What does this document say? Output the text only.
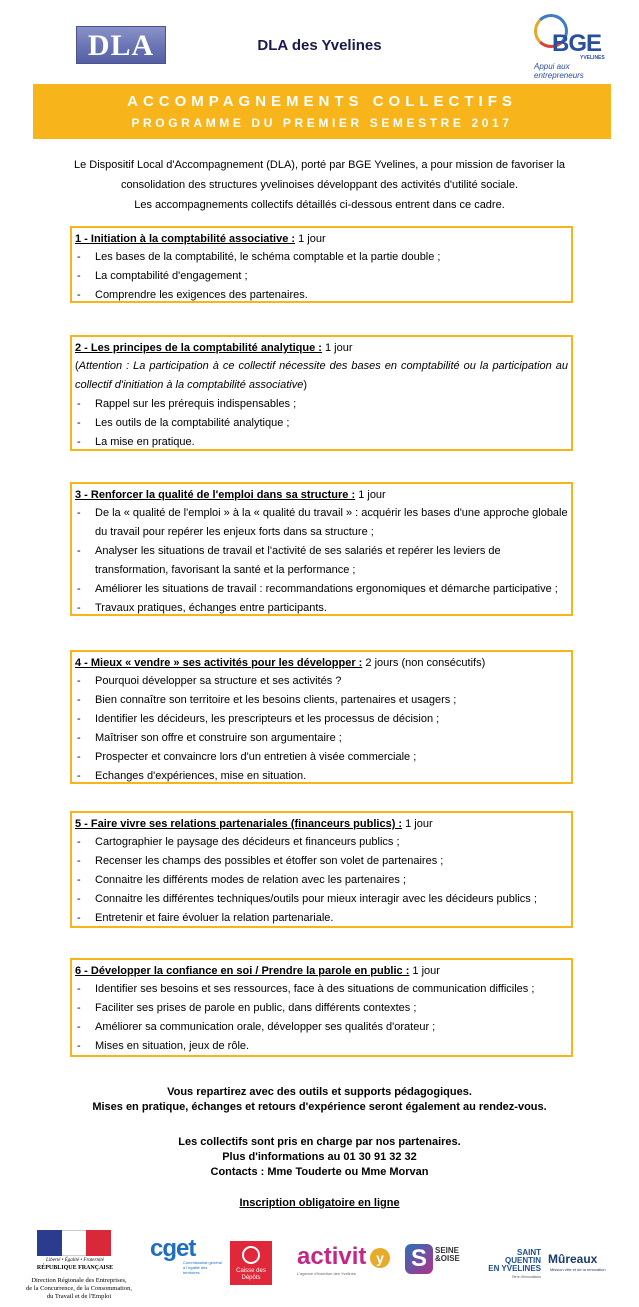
DLA	DLA des Yvelines	BGE
YVELINES
Appui aux entrepreneurs
ACCOMPAGNEMENTS COLLECTIFS
PROGRAMME DU PREMIER SEMESTRE 2017
Le Dispositif Local d'Accompagnement (DLA), porté par BGE Yvelines, a pour mission de favoriser la
consolidation des structures yvelinoises développant des activités d'utilité sociale.
Les accompagnements collectifs détaillés ci-dessous entrent dans ce cadre.
1 - Initiation à la comptabilité associative : 1 jour
- Les bases de la comptabilité, le schéma comptable et la partie double ;
- La comptabilité d'engagement ;
- Comprendre les exigences des partenaires.
2 - Les principes de la comptabilité analytique : 1 jour
(Attention : La participation à ce collectif nécessite des bases en comptabilité ou la participation au collectif d'initiation à la comptabilité associative)
- Rappel sur les prérequis indispensables ;
- Les outils de la comptabilité analytique ;
- La mise en pratique.
3 - Renforcer la qualité de l'emploi dans sa structure : 1 jour
- De la « qualité de l'emploi » à la « qualité du travail » : acquérir les bases d'une approche globale
du travail pour repérer les enjeux forts dans sa structure ;
- Analyser les situations de travail et l'activité de ses salariés et repérer les leviers de
transformation, favorisant la santé et la performance ;
- Améliorer les situations de travail : recommandations ergonomiques et démarche participative ;
- Travaux pratiques, échanges entre participants.
4 - Mieux « vendre » ses activités pour les développer : 2 jours (non consécutifs)
- Pourquoi développer sa structure et ses activités ?
- Bien connaître son territoire et les besoins clients, partenaires et usagers ;
- Identifier les décideurs, les prescripteurs et les processus de décision ;
- Maîtriser son offre et construire son argumentaire ;
- Prospecter et convaincre lors d'un entretien à visée commerciale ;
- Echanges d'expériences, mise en situation.
5 - Faire vivre ses relations partenariales (financeurs publics) : 1 jour
- Cartographier le paysage des décideurs et financeurs publics ;
- Recenser les champs des possibles et étoffer son volet de partenaires ;
- Connaitre les différents modes de relation avec les partenaires ;
- Connaitre les différentes techniques/outils pour mieux interagir avec les décideurs publics ;
- Entretenir et faire évoluer la relation partenariale.
6 - Développer la confiance en soi / Prendre la parole en public : 1 jour
- Identifier ses besoins et ses ressources, face à des situations de communication difficiles ;
- Faciliter ses prises de parole en public, dans différents contextes ;
- Améliorer sa communication orale, développer ses qualités d'orateur ;
- Mises en situation, jeux de rôle.
Vous repartirez avec des outils et supports pédagogiques.
Mises en pratique, échanges et retours d'expérience seront également au rendez-vous.
Les collectifs sont pris en charge par nos partenaires.
Plus d'informations au 01 30 91 32 32
Contacts : Mme Touderte ou Mme Morvan
Inscription obligatoire en ligne
Liberté • Égalité • Fraternité
RÉPUBLIQUE FRANÇAISE
Direction Régionale des Entreprises,
de la Concurrence, de la Consommation,
du Travail et de l'Emploi
cget
Commissariat général à l'égalité des territoires	Caisse des Dépôts
activit y
L'agence d'insertion des Yvelines
S	SEINE
&OISE
SAINT
QUENTIN
EN YVELINES
Terre d'innovations
Mûreaux
Mission ville et de la rénovation
